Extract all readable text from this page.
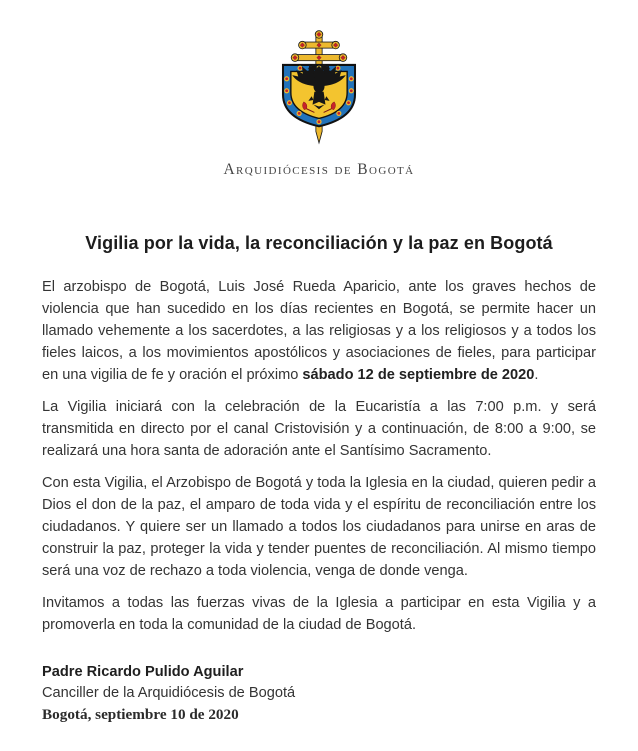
Arquidiócesis de Bogotá
Vigilia por la vida, la reconciliación y la paz en Bogotá

El arzobispo de Bogotá, Luis José Rueda Aparicio, ante los graves hechos de violencia que han sucedido en los días recientes en Bogotá, se permite hacer un llamado vehemente a los sacerdotes, a las religiosas y a los religiosos y a todos los fieles laicos, a los movimientos apostólicos y asociaciones de fieles, para participar en una vigilia de fe y oración el próximo sábado 12 de septiembre de 2020.

La Vigilia iniciará con la celebración de la Eucaristía a las 7:00 p.m. y será transmitida en directo por el canal Cristovisión y a continuación, de 8:00 a 9:00, se realizará una hora santa de adoración ante el Santísimo Sacramento.

Con esta Vigilia, el Arzobispo de Bogotá y toda la Iglesia en la ciudad, quieren pedir a Dios el don de la paz, el amparo de toda vida y el espíritu de reconciliación entre los ciudadanos. Y quiere ser un llamado a todos los ciudadanos para unirse en aras de construir la paz, proteger la vida y tender puentes de reconciliación. Al mismo tiempo será una voz de rechazo a toda violencia, venga de donde venga.

Invitamos a todas las fuerzas vivas de la Iglesia a participar en esta Vigilia y a promoverla en toda la comunidad de la ciudad de Bogotá.

Padre Ricardo Pulido Aguilar
Canciller de la Arquidiócesis de Bogotá
Bogotá, septiembre 10 de 2020
